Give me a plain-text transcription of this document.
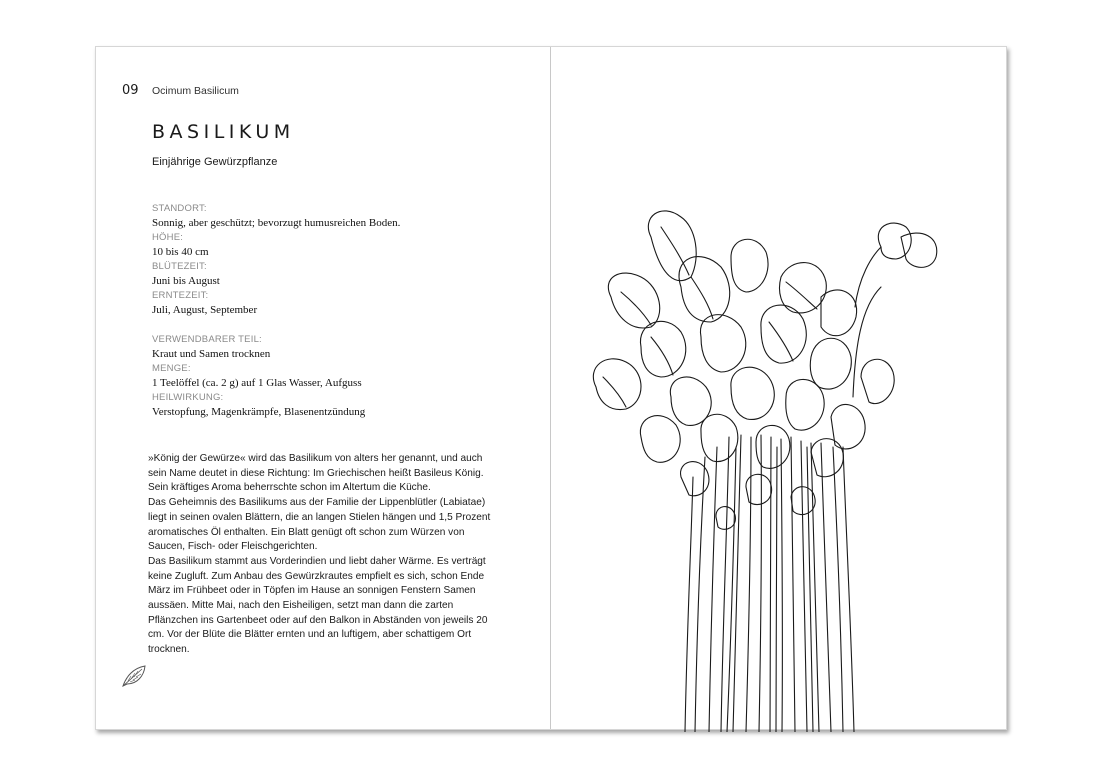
09 Ocimum Basilicum
BASILIKUM
Einjährige Gewürzpflanze
STANDORT:
Sonnig, aber geschützt; bevorzugt humusreichen Boden.
HÖHE:
10 bis 40 cm
BLÜTEZEIT:
Juni bis August
ERNTEZEIT:
Juli, August, September
VERWENDBARER TEIL:
Kraut und Samen trocknen
MENGE:
1 Teelöffel (ca. 2 g) auf 1 Glas Wasser, Aufguss
HEILWIRKUNG:
Verstopfung, Magenkrämpfe, Blasenentzündung

»König der Gewürze« wird das Basilikum von alters her genannt, und auch sein Name deutet in diese Richtung: Im Griechischen heißt Basileus König. Sein kräftiges Aroma beherrschte schon im Altertum die Küche.

Das Geheimnis des Basilikums aus der Familie der Lippenblütler (Labiatae) liegt in seinen ovalen Blättern, die an langen Stielen hängen und 1,5 Prozent aromatisches Öl enthalten. Ein Blatt genügt oft schon zum Würzen von Saucen, Fisch- oder Fleischgerichten.

Das Basilikum stammt aus Vorderindien und liebt daher Wärme. Es verträgt keine Zugluft. Zum Anbau des Gewürzkrautes empfielt es sich, schon Ende März im Frühbeet oder in Töpfen im Hause an sonnigen Fenstern Samen aussäen. Mitte Mai, nach den Eisheiligen, setzt man dann die zarten Pflänzchen ins Gartenbeet oder auf den Balkon in Abständen von jeweils 20 cm. Vor der Blüte die Blätter ernten und an luftigem, aber schattigem Ort trocknen.
